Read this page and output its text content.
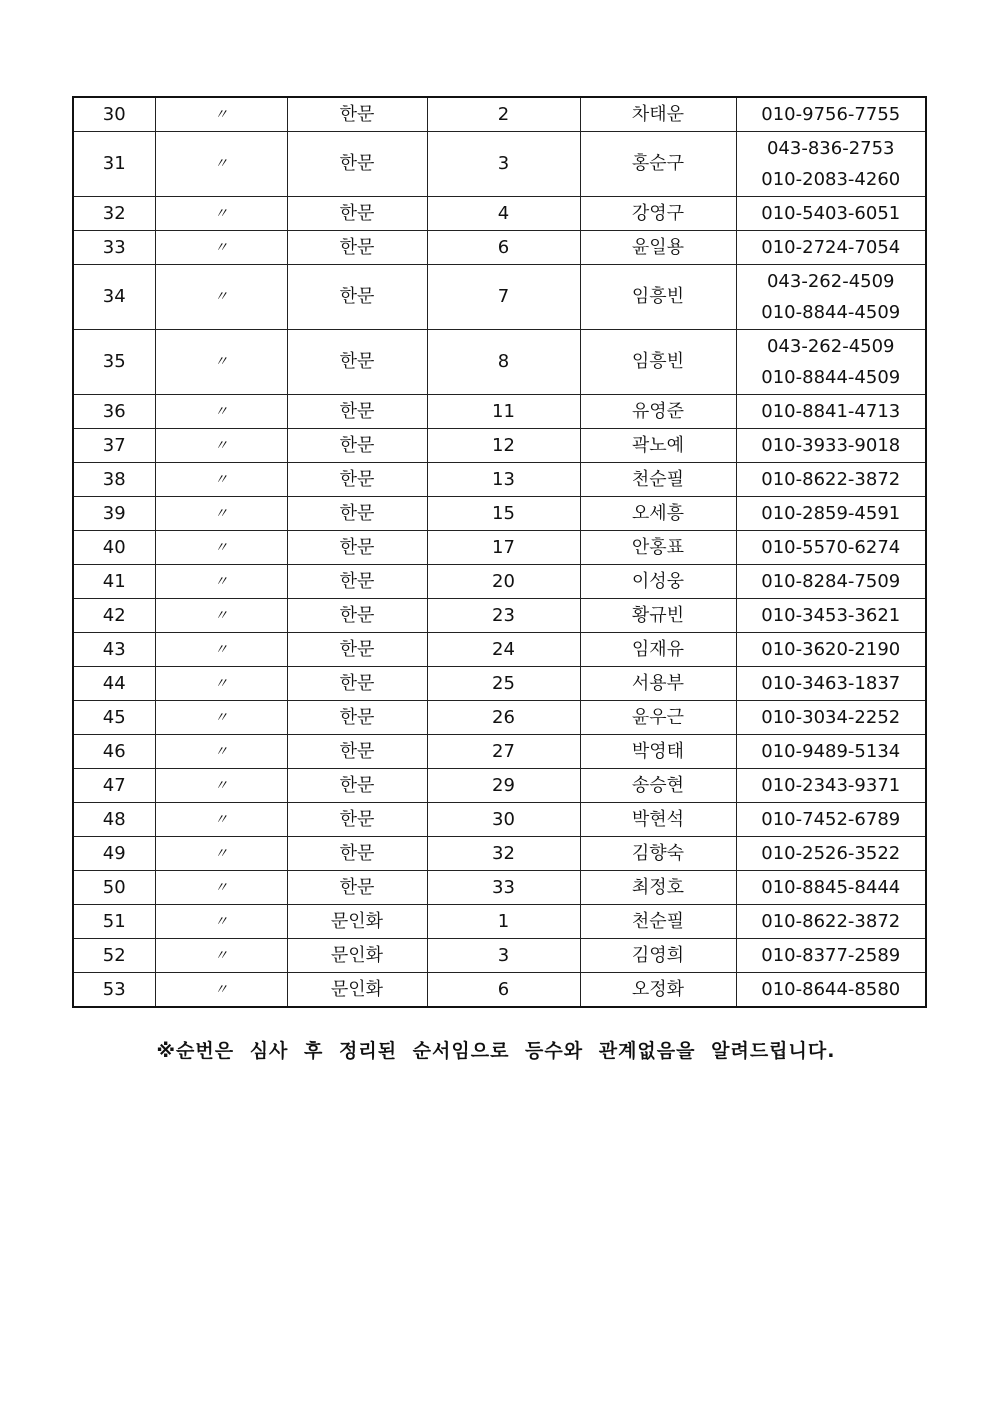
30	〃	한문	2	차태운	010-9756-7755

31	〃	한문	3	홍순구	043-836-2753
010-2083-4260

32	〃	한문	4	강영구	010-5403-6051

33	〃	한문	6	윤일용	010-2724-7054

34	〃	한문	7	임흥빈	043-262-4509
010-8844-4509

35	〃	한문	8	임흥빈	043-262-4509
010-8844-4509

36	〃	한문	11	유영준	010-8841-4713

37	〃	한문	12	곽노예	010-3933-9018

38	〃	한문	13	천순필	010-8622-3872

39	〃	한문	15	오세흥	010-2859-4591

40	〃	한문	17	안홍표	010-5570-6274

41	〃	한문	20	이성웅	010-8284-7509

42	〃	한문	23	황규빈	010-3453-3621

43	〃	한문	24	임재유	010-3620-2190

44	〃	한문	25	서용부	010-3463-1837

45	〃	한문	26	윤우근	010-3034-2252

46	〃	한문	27	박영태	010-9489-5134

47	〃	한문	29	송승현	010-2343-9371

48	〃	한문	30	박현석	010-7452-6789

49	〃	한문	32	김향숙	010-2526-3522

50	〃	한문	33	최정호	010-8845-8444

51	〃	문인화	1	천순필	010-8622-3872

52	〃	문인화	3	김영희	010-8377-2589

53	〃	문인화	6	오정화	010-8644-8580
※순번은 심사 후 정리된 순서임으로 등수와 관계없음을 알려드립니다.
